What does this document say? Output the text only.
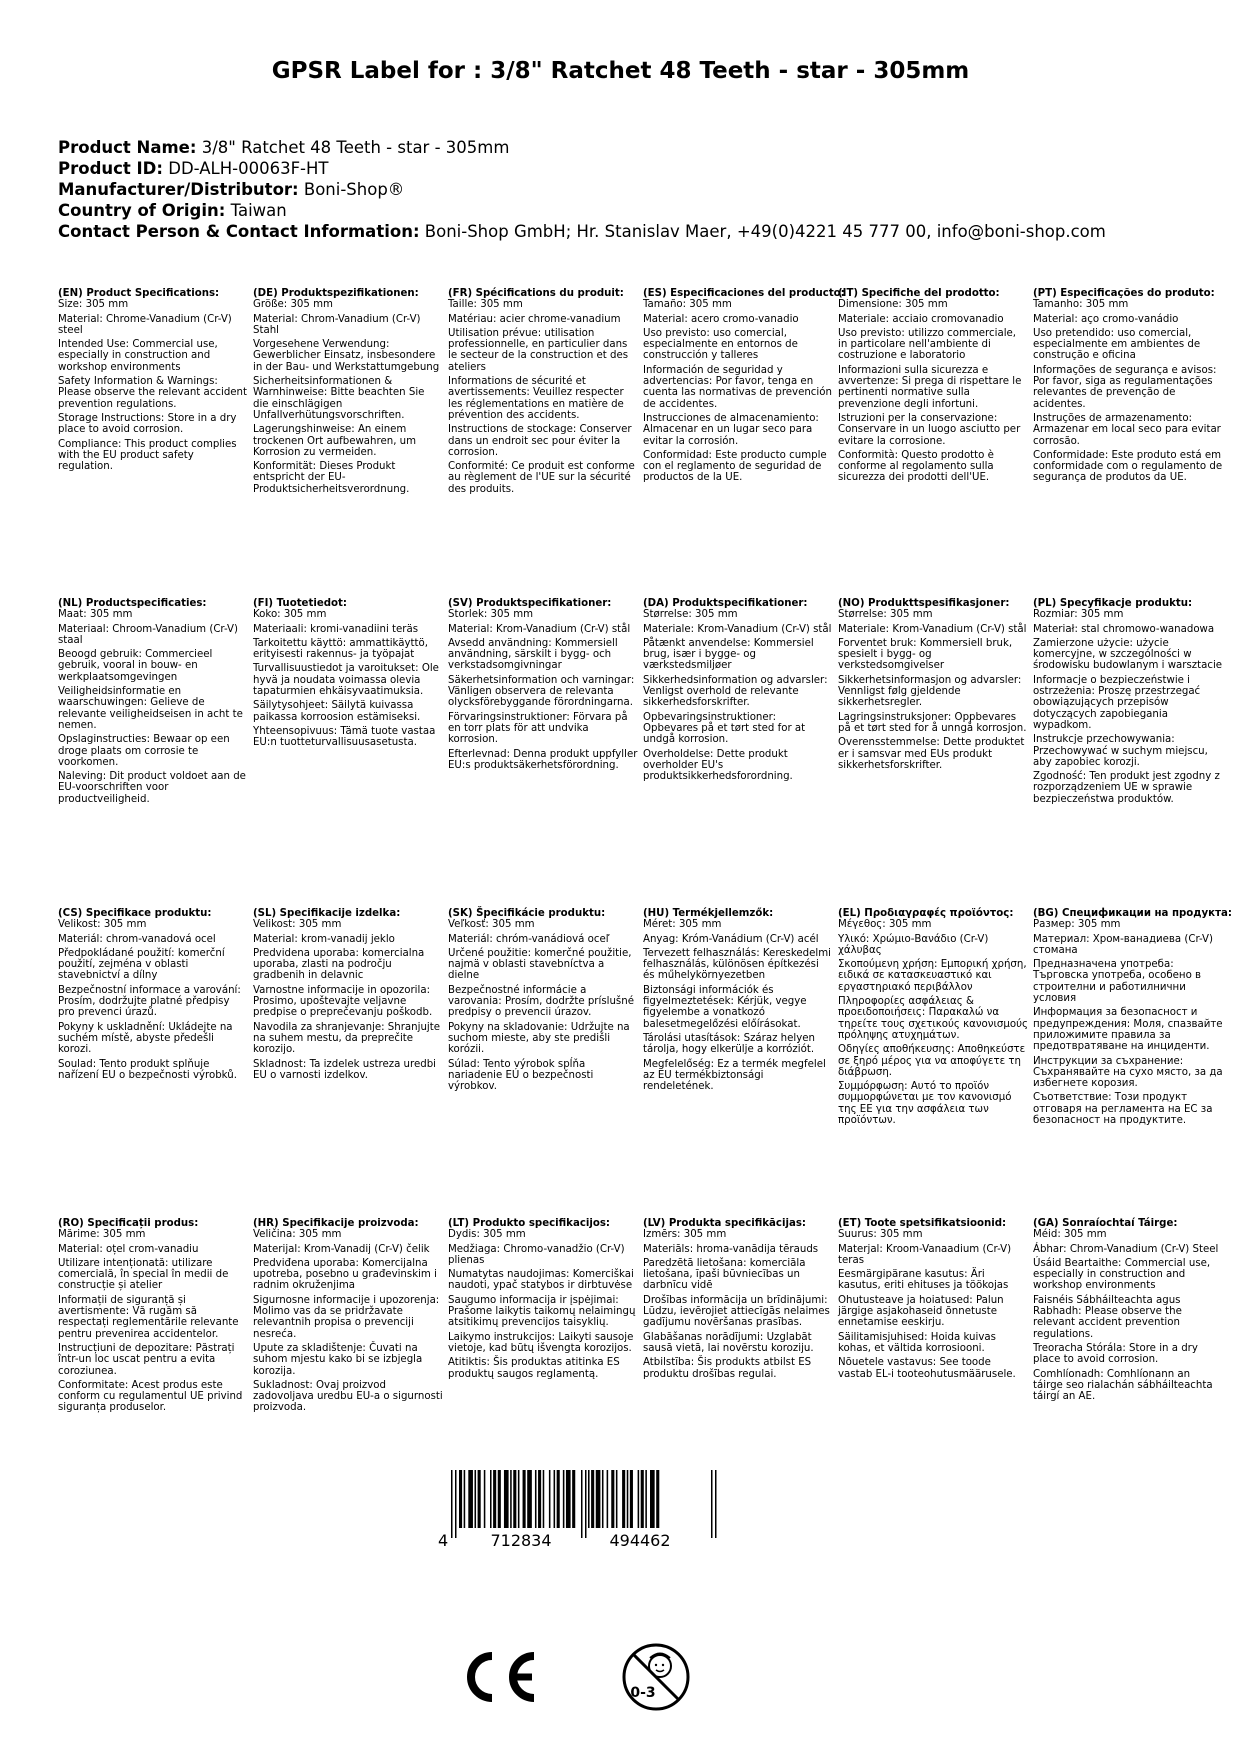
GPSR Label for : 3/8" Ratchet 48 Teeth - star - 305mm
Product Name: 3/8" Ratchet 48 Teeth - star - 305mm
Product ID: DD-ALH-00063F-HT
Manufacturer/Distributor: Boni-Shop®
Country of Origin: Taiwan
Contact Person & Contact Information: Boni-Shop GmbH; Hr. Stanislav Maer, +49(0)4221 45 777 00, info@boni-shop.com
(EN) Product Specifications:

Size: 305 mm

Material: Chrome-Vanadium (Cr-V) steel

Intended Use: Commercial use, especially in construction and workshop environments

Safety Information & Warnings: Please observe the relevant accident prevention regulations.

Storage Instructions: Store in a dry place to avoid corrosion.

Compliance: This product complies with the EU product safety regulation.

(DE) Produktspezifikationen:

Größe: 305 mm

Material: Chrom-Vanadium (Cr-V) Stahl

Vorgesehene Verwendung: Gewerblicher Einsatz, insbesondere in der Bau- und Werkstattumgebung

Sicherheitsinformationen & Warnhinweise: Bitte beachten Sie die einschlägigen Unfallverhütungsvorschriften.

Lagerungshinweise: An einem trockenen Ort aufbewahren, um Korrosion zu vermeiden.

Konformität: Dieses Produkt entspricht der EU-Produktsicherheitsverordnung.

(FR) Spécifications du produit:

Taille: 305 mm

Matériau: acier chrome-vanadium

Utilisation prévue: utilisation professionnelle, en particulier dans le secteur de la construction et des ateliers

Informations de sécurité et avertissements: Veuillez respecter les réglementations en matière de prévention des accidents.

Instructions de stockage: Conserver dans un endroit sec pour éviter la corrosion.

Conformité: Ce produit est conforme au règlement de l'UE sur la sécurité des produits.

(ES) Especificaciones del producto:

Tamaño: 305 mm

Material: acero cromo-vanadio

Uso previsto: uso comercial, especialmente en entornos de construcción y talleres

Información de seguridad y advertencias: Por favor, tenga en cuenta las normativas de prevención de accidentes.

Instrucciones de almacenamiento: Almacenar en un lugar seco para evitar la corrosión.

Conformidad: Este producto cumple con el reglamento de seguridad de productos de la UE.

(IT) Specifiche del prodotto:

Dimensione: 305 mm

Materiale: acciaio cromovanadio

Uso previsto: utilizzo commerciale, in particolare nell'ambiente di costruzione e laboratorio

Informazioni sulla sicurezza e avvertenze: Si prega di rispettare le pertinenti normative sulla prevenzione degli infortuni.

Istruzioni per la conservazione: Conservare in un luogo asciutto per evitare la corrosione.

Conformità: Questo prodotto è conforme al regolamento sulla sicurezza dei prodotti dell'UE.

(PT) Especificações do produto:

Tamanho: 305 mm

Material: aço cromo-vanádio

Uso pretendido: uso comercial, especialmente em ambientes de construção e oficina

Informações de segurança e avisos: Por favor, siga as regulamentações relevantes de prevenção de acidentes.

Instruções de armazenamento: Armazenar em local seco para evitar corrosão.

Conformidade: Este produto está em conformidade com o regulamento de segurança de produtos da UE.

(NL) Productspecificaties:

Maat: 305 mm

Materiaal: Chroom-Vanadium (Cr-V) staal

Beoogd gebruik: Commercieel gebruik, vooral in bouw- en werkplaatsomgevingen

Veiligheidsinformatie en waarschuwingen: Gelieve de relevante veiligheidseisen in acht te nemen.

Opslaginstructies: Bewaar op een droge plaats om corrosie te voorkomen.

Naleving: Dit product voldoet aan de EU-voorschriften voor productveiligheid.

(FI) Tuotetiedot:

Koko: 305 mm

Materiaali: kromi-vanadiini teräs

Tarkoitettu käyttö: ammattikäyttö, erityisesti rakennus- ja työpajat

Turvallisuustiedot ja varoitukset: Ole hyvä ja noudata voimassa olevia tapaturmien ehkäisyvaatimuksia.

Säilytysohjeet: Säilytä kuivassa paikassa korroosion estämiseksi.

Yhteensopivuus: Tämä tuote vastaa EU:n tuotteturvallisuusasetusta.

(SV) Produktspecifikationer:

Storlek: 305 mm

Material: Krom-Vanadium (Cr-V) stål

Avsedd användning: Kommersiell användning, särskilt i bygg- och verkstadsomgivningar

Säkerhetsinformation och varningar: Vänligen observera de relevanta olycksförebyggande förordningarna.

Förvaringsinstruktioner: Förvara på en torr plats för att undvika korrosion.

Efterlevnad: Denna produkt uppfyller EU:s produktsäkerhetsförordning.

(DA) Produktspecifikationer:

Størrelse: 305 mm

Materiale: Krom-Vanadium (Cr-V) stål

Påtænkt anvendelse: Kommersiel brug, især i bygge- og værkstedsmiljøer

Sikkerhedsinformation og advarsler: Venligst overhold de relevante sikkerhedsforskrifter.

Opbevaringsinstruktioner: Opbevares på et tørt sted for at undgå korrosion.

Overholdelse: Dette produkt overholder EU's produktsikkerhedsforordning.

(NO) Produkttspesifikasjoner:

Størrelse: 305 mm

Materiale: Krom-Vanadium (Cr-V) stål

Forventet bruk: Kommersiell bruk, spesielt i bygg- og verkstedsomgivelser

Sikkerhetsinformasjon og advarsler: Vennligst følg gjeldende sikkerhetsregler.

Lagringsinstruksjoner: Oppbevares på et tørt sted for å unngå korrosjon.

Overensstemmelse: Dette produktet er i samsvar med EUs produkt sikkerhetsforskrifter.

(PL) Specyfikacje produktu:

Rozmiar: 305 mm

Materiał: stal chromowo-wanadowa

Zamierzone użycie: użycie komercyjne, w szczególności w środowisku budowlanym i warsztacie

Informacje o bezpieczeństwie i ostrzeżenia: Proszę przestrzegać obowiązujących przepisów dotyczących zapobiegania wypadkom.

Instrukcje przechowywania: Przechowywać w suchym miejscu, aby zapobiec korozji.

Zgodność: Ten produkt jest zgodny z rozporządzeniem UE w sprawie bezpieczeństwa produktów.

(CS) Specifikace produktu:

Velikost: 305 mm

Materiál: chrom-vanadová ocel

Předpokládané použití: komerční použití, zejména v oblasti stavebnictví a dílny

Bezpečnostní informace a varování: Prosím, dodržujte platné předpisy pro prevenci úrazů.

Pokyny k uskladnění: Ukládejte na suchém místě, abyste předešli korozi.

Soulad: Tento produkt splňuje nařízení EU o bezpečnosti výrobků.

(SL) Specifikacije izdelka:

Velikost: 305 mm

Material: krom-vanadij jeklo

Predvidena uporaba: komercialna uporaba, zlasti na področju gradbenih in delavnic

Varnostne informacije in opozorila: Prosimo, upoštevajte veljavne predpise o preprečevanju poškodb.

Navodila za shranjevanje: Shranjujte na suhem mestu, da preprečite korozijo.

Skladnost: Ta izdelek ustreza uredbi EU o varnosti izdelkov.

(SK) Špecifikácie produktu:

Veľkosť: 305 mm

Materiál: chróm-vanádiová oceľ

Určené použitie: komerčné použitie, najmä v oblasti stavebníctva a dielne

Bezpečnostné informácie a varovania: Prosím, dodržte príslušné predpisy o prevencii úrazov.

Pokyny na skladovanie: Udržujte na suchom mieste, aby ste predišli korózii.

Súlad: Tento výrobok spĺňa nariadenie EÚ o bezpečnosti výrobkov.

(HU) Termékjellemzők:

Méret: 305 mm

Anyag: Króm-Vanádium (Cr-V) acél

Tervezett felhasználás: Kereskedelmi felhasználás, különösen építkezési és műhelykörnyezetben

Biztonsági információk és figyelmeztetések: Kérjük, vegye figyelembe a vonatkozó balesetmegelőzési előírásokat.

Tárolási utasítások: Száraz helyen tárolja, hogy elkerülje a korróziót.

Megfelelőség: Ez a termék megfelel az EU termékbiztonsági rendeletének.

(EL) Προδιαγραφές προϊόντος:

Μέγεθος: 305 mm

Υλικό: Χρώμιο-Βανάδιο (Cr-V) χάλυβας

Σκοπούμενη χρήση: Εμπορική χρήση, ειδικά σε κατασκευαστικό και εργαστηριακό περιβάλλον

Πληροφορίες ασφάλειας & προειδοποιήσεις: Παρακαλώ να τηρείτε τους σχετικούς κανονισμούς πρόληψης ατυχημάτων.

Οδηγίες αποθήκευσης: Αποθηκεύστε σε ξηρό μέρος για να αποφύγετε τη διάβρωση.

Συμμόρφωση: Αυτό το προϊόν συμμορφώνεται με τον κανονισμό της ΕΕ για την ασφάλεια των προϊόντων.

(BG) Спецификации на продукта:

Размер: 305 mm

Материал: Хром-ванадиева (Cr-V) стомана

Предназначена употреба: Търговска употреба, особено в строителни и работилнични условия

Информация за безопасност и предупреждения: Моля, спазвайте приложимите правила за предотвратяване на инциденти.

Инструкции за съхранение: Съхранявайте на сухо място, за да избегнете корозия.

Съответствие: Този продукт отговаря на регламента на ЕС за безопасност на продуктите.

(RO) Specificații produs:

Mărime: 305 mm

Material: oțel crom-vanadiu

Utilizare intenționată: utilizare comercială, în special în medii de construcție și atelier

Informații de siguranță și avertismente: Vă rugăm să respectați reglementările relevante pentru prevenirea accidentelor.

Instrucțiuni de depozitare: Păstrați într-un loc uscat pentru a evita coroziunea.

Conformitate: Acest produs este conform cu regulamentul UE privind siguranța produselor.

(HR) Specifikacije proizvoda:

Veličina: 305 mm

Materijal: Krom-Vanadij (Cr-V) čelik

Predviđena uporaba: Komercijalna upotreba, posebno u građevinskim i radnim okruženjima

Sigurnosne informacije i upozorenja: Molimo vas da se pridržavate relevantnih propisa o prevenciji nesreća.

Upute za skladištenje: Čuvati na suhom mjestu kako bi se izbjegla korozija.

Sukladnost: Ovaj proizvod zadovoljava uredbu EU-a o sigurnosti proizvoda.

(LT) Produkto specifikacijos:

Dydis: 305 mm

Medžiaga: Chromo-vanadžio (Cr-V) plienas

Numatytas naudojimas: Komerciškai naudoti, ypač statybos ir dirbtuvėse

Saugumo informacija ir įspėjimai: Prašome laikytis taikomų nelaimingų atsitikimų prevencijos taisyklių.

Laikymo instrukcijos: Laikyti sausoje vietoje, kad būtų išvengta korozijos.

Atitiktis: Šis produktas atitinka ES produktų saugos reglamentą.

(LV) Produkta specifikācijas:

Izmērs: 305 mm

Materiāls: hroma-vanādija tērauds

Paredzētā lietošana: komerciāla lietošana, īpaši būvniecības un darbnīcu vidē

Drošības informācija un brīdinājumi: Lūdzu, ievērojiet attiecīgās nelaimes gadījumu novēršanas prasības.

Glabāšanas norādījumi: Uzglabāt sausā vietā, lai novērstu koroziju.

Atbilstība: Šis produkts atbilst ES produktu drošības regulai.

(ET) Toote spetsifikatsioonid:

Suurus: 305 mm

Materjal: Kroom-Vanaadium (Cr-V) teras

Eesmärgipärane kasutus: Äri kasutus, eriti ehituses ja töökojas

Ohutusteave ja hoiatused: Palun järgige asjakohaseid õnnetuste ennetamise eeskirju.

Säilitamisjuhised: Hoida kuivas kohas, et vältida korrosiooni.

Nõuetele vastavus: See toode vastab EL-i tooteohutusmäärusele.

(GA) Sonraíochtaí Táirge:

Méid: 305 mm

Ábhar: Chrom-Vanadium (Cr-V) Steel

Úsáid Beartaithe: Commercial use, especially in construction and workshop environments

Faisnéis Sábháilteachta agus Rabhadh: Please observe the relevant accident prevention regulations.

Treoracha Stórála: Store in a dry place to avoid corrosion.

Comhlíonadh: Comhlíonann an táirge seo rialachán sábháilteachta táirgí an AE.

4	712834	494462
0-3
